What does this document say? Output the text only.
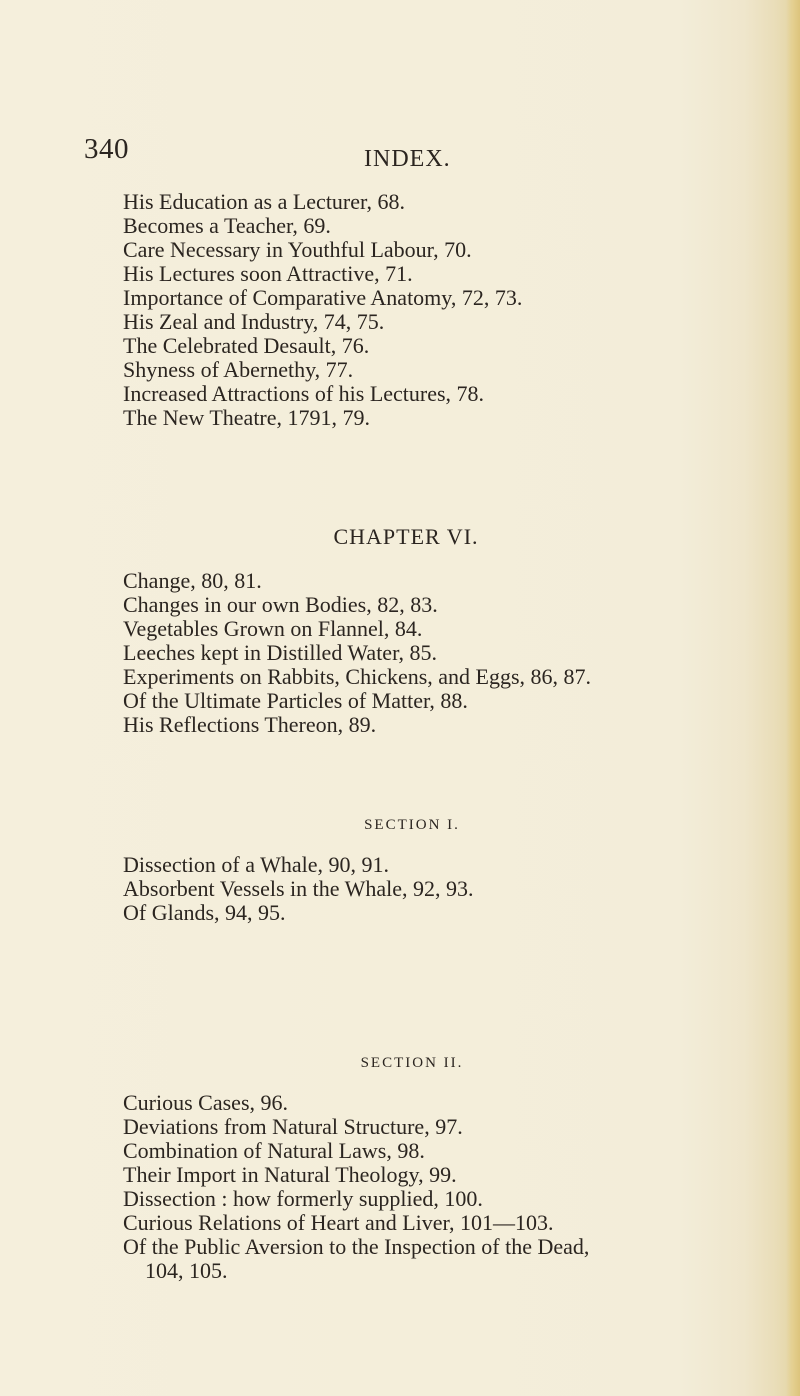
340	INDEX.
His Education as a Lecturer, 68.
Becomes a Teacher, 69.
Care Necessary in Youthful Labour, 70.
His Lectures soon Attractive, 71.
Importance of Comparative Anatomy, 72, 73.
His Zeal and Industry, 74, 75.
The Celebrated Desault, 76.
Shyness of Abernethy, 77.
Increased Attractions of his Lectures, 78.
The New Theatre, 1791, 79.
CHAPTER VI.
Change, 80, 81.
Changes in our own Bodies, 82, 83.
Vegetables Grown on Flannel, 84.
Leeches kept in Distilled Water, 85.
Experiments on Rabbits, Chickens, and Eggs, 86, 87.
Of the Ultimate Particles of Matter, 88.
His Reflections Thereon, 89.
SECTION I.
Dissection of a Whale, 90, 91.
Absorbent Vessels in the Whale, 92, 93.
Of Glands, 94, 95.
SECTION II.
Curious Cases, 96.
Deviations from Natural Structure, 97.
Combination of Natural Laws, 98.
Their Import in Natural Theology, 99.
Dissection : how formerly supplied, 100.
Curious Relations of Heart and Liver, 101—103.
Of the Public Aversion to the Inspection of the Dead,
104, 105.
